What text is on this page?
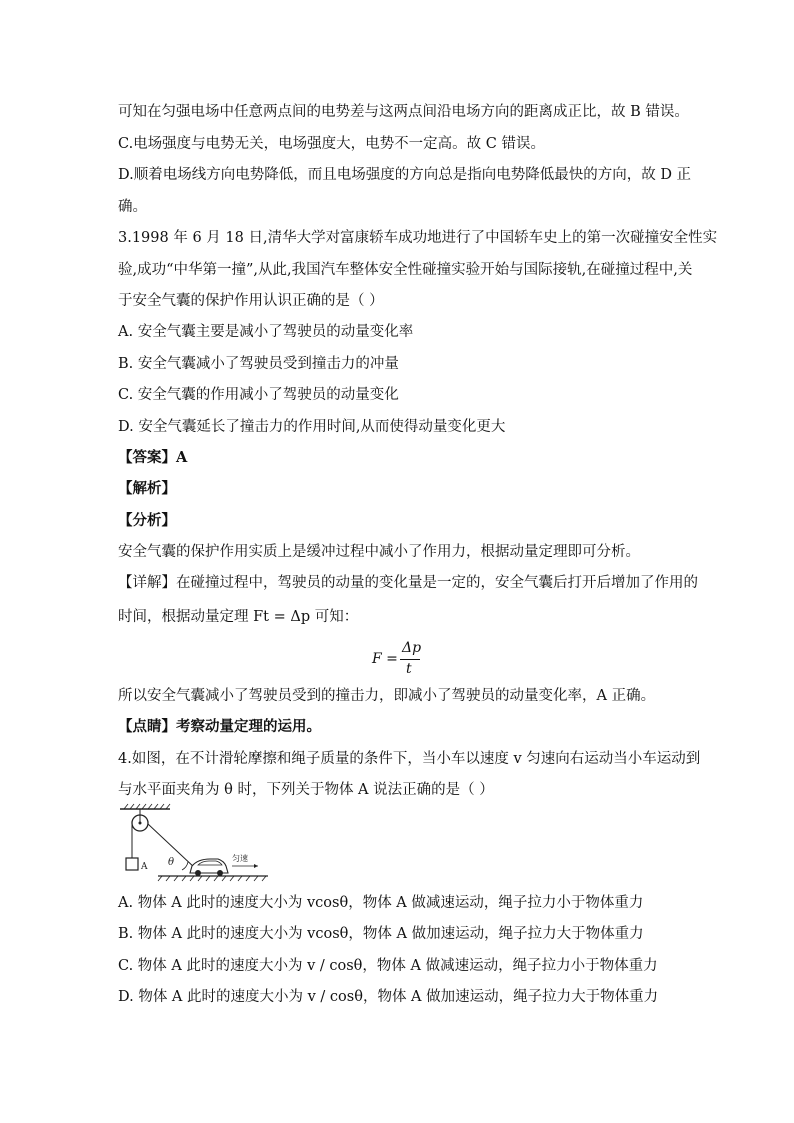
可知在匀强电场中任意两点间的电势差与这两点间沿电场方向的距离成正比，故 B 错误。
C.电场强度与电势无关，电场强度大，电势不一定高。故 C 错误。
D.顺着电场线方向电势降低，而且电场强度的方向总是指向电势降低最快的方向，故 D 正
确。
3.1998 年 6 月 18 日,清华大学对富康轿车成功地进行了中国轿车史上的第一次碰撞安全性实
验,成功“中华第一撞”,从此,我国汽车整体安全性碰撞实验开始与国际接轨,在碰撞过程中,关
于安全气囊的保护作用认识正确的是（ ）
A. 安全气囊主要是减小了驾驶员的动量变化率
B. 安全气囊减小了驾驶员受到撞击力的冲量
C. 安全气囊的作用减小了驾驶员的动量变化
D. 安全气囊延长了撞击力的作用时间,从而使得动量变化更大
【答案】A
【解析】
【分析】
安全气囊的保护作用实质上是缓冲过程中减小了作用力，根据动量定理即可分析。
【详解】在碰撞过程中，驾驶员的动量的变化量是一定的，安全气囊后打开后增加了作用的
时间，根据动量定理 Ft = Δp 可知：
F =
Δp
t
所以安全气囊减小了驾驶员受到的撞击力，即减小了驾驶员的动量变化率，A 正确。
【点睛】考察动量定理的运用。
4.如图，在不计滑轮摩擦和绳子质量的条件下，当小车以速度 v 匀速向右运动当小车运动到
与水平面夹角为 θ 时，下列关于物体 A 说法正确的是（ ）
A θ	匀速
A. 物体 A 此时的速度大小为 vcosθ，物体 A 做减速运动，绳子拉力小于物体重力
B. 物体 A 此时的速度大小为 vcosθ，物体 A 做加速运动，绳子拉力大于物体重力
C. 物体 A 此时的速度大小为 v / cosθ，物体 A 做减速运动，绳子拉力小于物体重力
D. 物体 A 此时的速度大小为 v / cosθ，物体 A 做加速运动，绳子拉力大于物体重力
